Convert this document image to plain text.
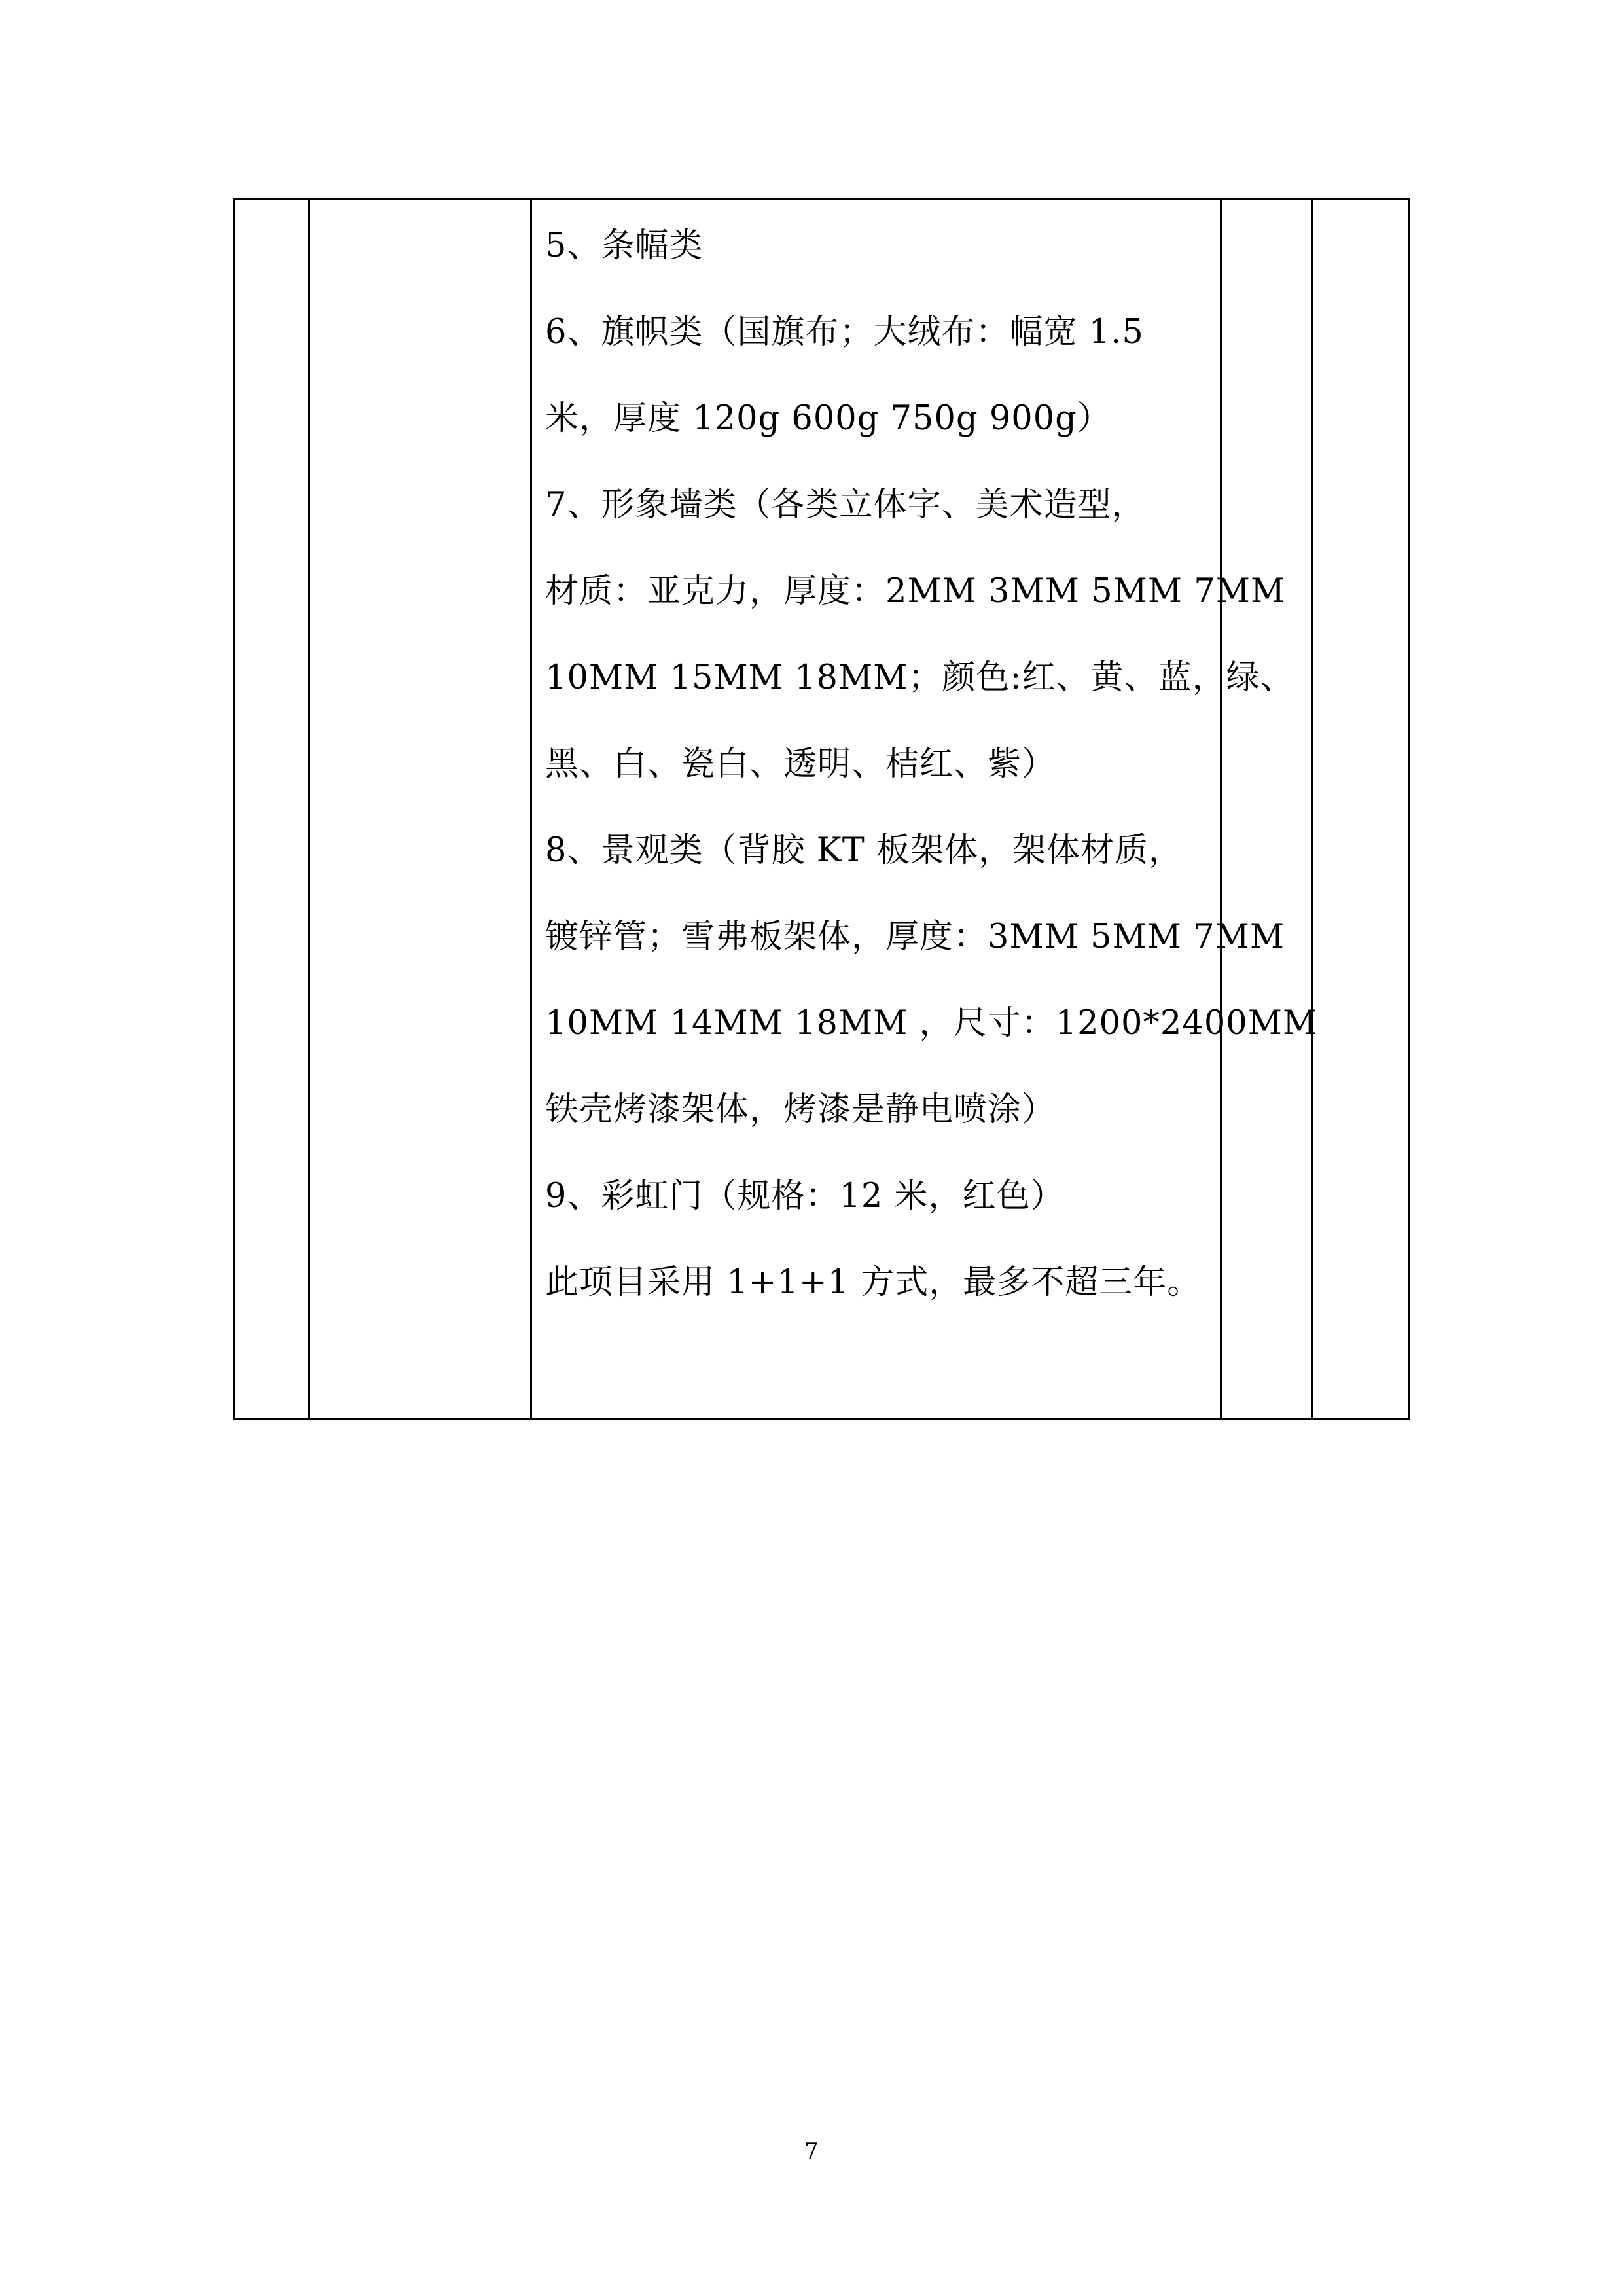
5、条幅类
6、旗帜类（国旗布；大绒布：幅宽 1.5
米，厚度 120g 600g 750g 900g）
7、形象墙类（各类立体字、美术造型，
材质：亚克力，厚度：2MM 3MM 5MM 7MM
10MM 15MM 18MM；颜色:红、黄、蓝，绿、
黑、白、瓷白、透明、桔红、紫）
8、景观类（背胶 KT 板架体，架体材质，
镀锌管；雪弗板架体，厚度：3MM 5MM 7MM
10MM 14MM 18MM ，尺寸：1200*2400MM
铁壳烤漆架体，烤漆是静电喷涂）
9、彩虹门（规格：12 米，红色）
此项目采用 1+1+1 方式，最多不超三年。

7
